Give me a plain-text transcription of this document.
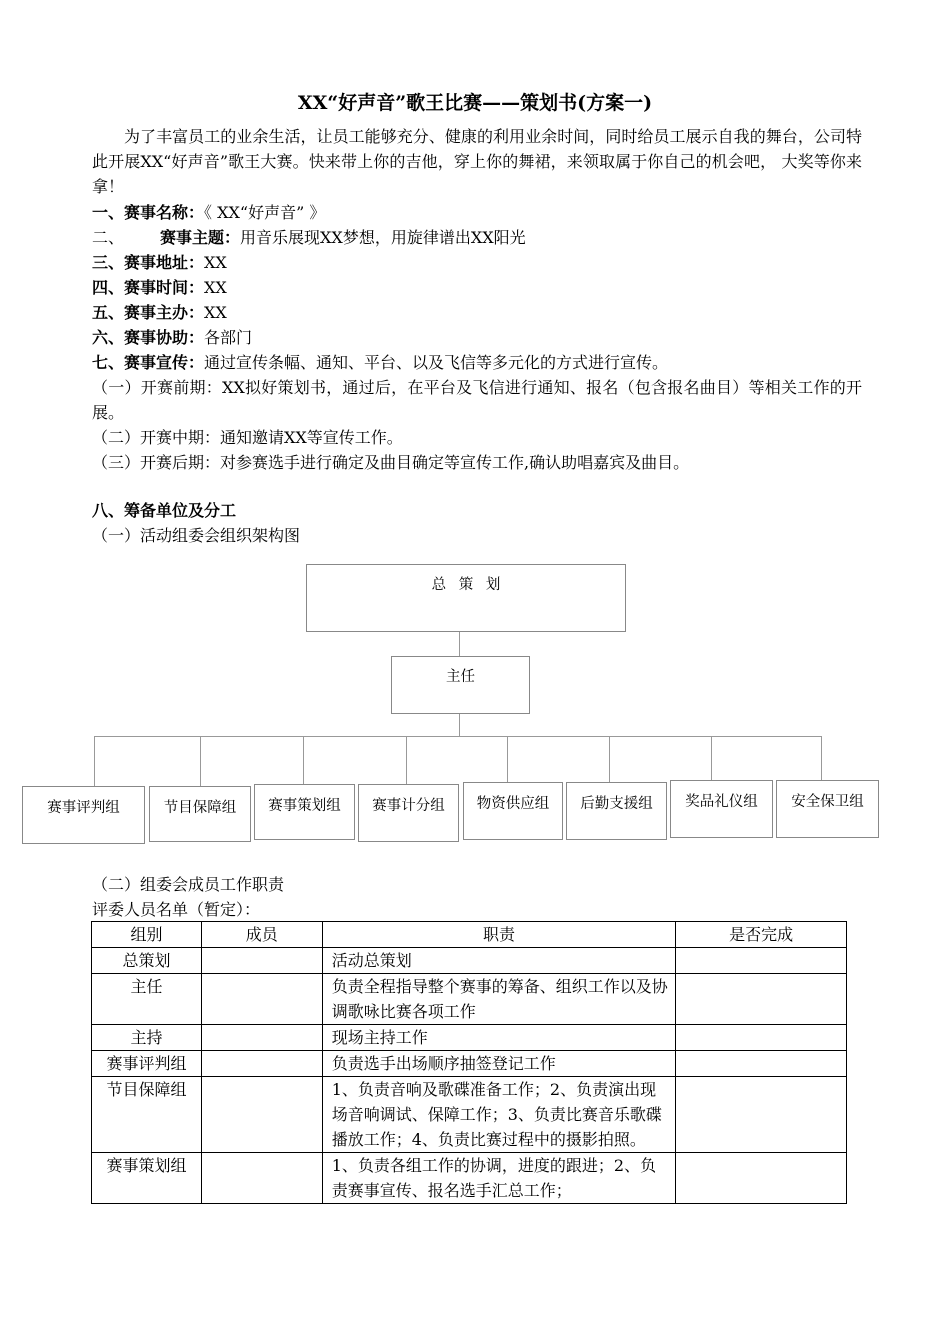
XX“好声音”歌王比赛——策划书(方案一)
为了丰富员工的业余生活，让员工能够充分、健康的利用业余时间，同时给员工展示自我的舞台，公司特此开展XX“好声音”歌王大赛。快来带上你的吉他，穿上你的舞裙，来领取属于你自己的机会吧， 大奖等你来拿！
一、赛事名称：《 XX“好声音” 》
二、 赛事主题：用音乐展现XX梦想，用旋律谱出XX阳光
三、赛事地址：XX
四、赛事时间：XX
五、赛事主办：XX
六、赛事协助：各部门
七、赛事宣传：通过宣传条幅、通知、平台、以及飞信等多元化的方式进行宣传。
（一）开赛前期：XX拟好策划书，通过后，在平台及飞信进行通知、报名（包含报名曲目）等相关工作的开展。
（二）开赛中期：通知邀请XX等宣传工作。
（三）开赛后期：对参赛选手进行确定及曲目确定等宣传工作,确认助唱嘉宾及曲目。
八、筹备单位及分工
（一）活动组委会组织架构图
总 策 划
主任
赛事评判组	节目保障组	赛事策划组	赛事计分组	物资供应组	后勤支援组	奖品礼仪组	安全保卫组
（二）组委会成员工作职责
评委人员名单（暂定）：
组别	成员	职责	是否完成
总策划		活动总策划	
主任		负责全程指导整个赛事的筹备、组织工作以及协调歌咏比赛各项工作	
主持		现场主持工作	
赛事评判组		负责选手出场顺序抽签登记工作	
节目保障组		1、负责音响及歌碟准备工作；2、负责演出现场音响调试、保障工作；3、负责比赛音乐歌碟播放工作；4、负责比赛过程中的摄影拍照。	
赛事策划组		1、负责各组工作的协调，进度的跟进；2、负责赛事宣传、报名选手汇总工作；	
